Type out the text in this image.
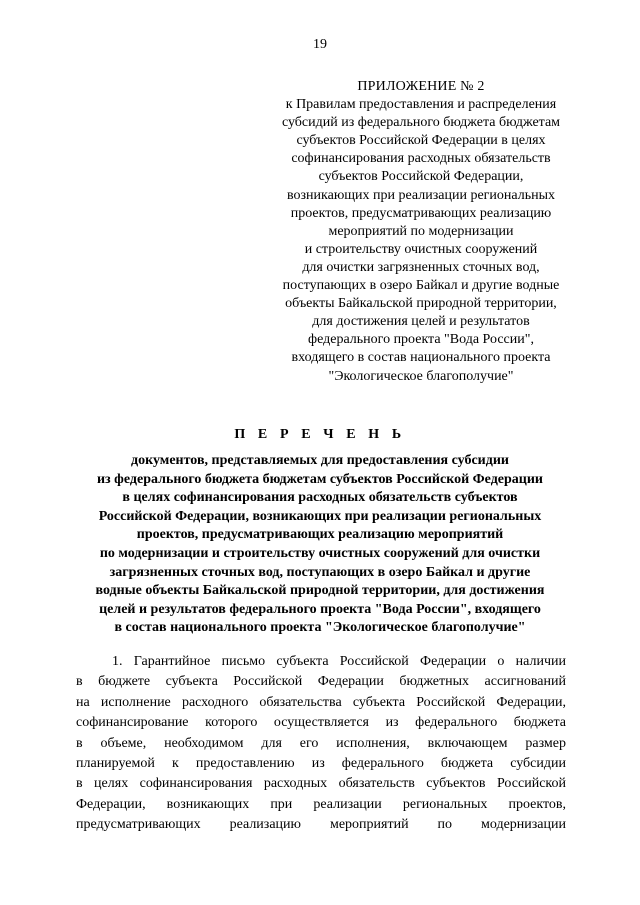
19
ПРИЛОЖЕНИЕ № 2
к Правилам предоставления и распределения
субсидий из федерального бюджета бюджетам
субъектов Российской Федерации в целях
софинансирования расходных обязательств
субъектов Российской Федерации,
возникающих при реализации региональных
проектов, предусматривающих реализацию
мероприятий по модернизации
и строительству очистных сооружений
для очистки загрязненных сточных вод,
поступающих в озеро Байкал и другие водные
объекты Байкальской природной территории,
для достижения целей и результатов
федерального проекта "Вода России",
входящего в состав национального проекта
"Экологическое благополучие"
П Е Р Е Ч Е Н Ь
документов, представляемых для предоставления субсидии
из федерального бюджета бюджетам субъектов Российской Федерации
в целях софинансирования расходных обязательств субъектов
Российской Федерации, возникающих при реализации региональных
проектов, предусматривающих реализацию мероприятий
по модернизации и строительству очистных сооружений для очистки
загрязненных сточных вод, поступающих в озеро Байкал и другие
водные объекты Байкальской природной территории, для достижения
целей и результатов федерального проекта "Вода России", входящего
в состав национального проекта "Экологическое благополучие"
1. Гарантийное письмо субъекта Российской Федерации о наличии
в бюджете субъекта Российской Федерации бюджетных ассигнований
на исполнение расходного обязательства субъекта Российской Федерации,
софинансирование которого осуществляется из федерального бюджета
в объеме, необходимом для его исполнения, включающем размер
планируемой к предоставлению из федерального бюджета субсидии
в целях софинансирования расходных обязательств субъектов Российской
Федерации, возникающих при реализации региональных проектов,
предусматривающих реализацию мероприятий по модернизации
